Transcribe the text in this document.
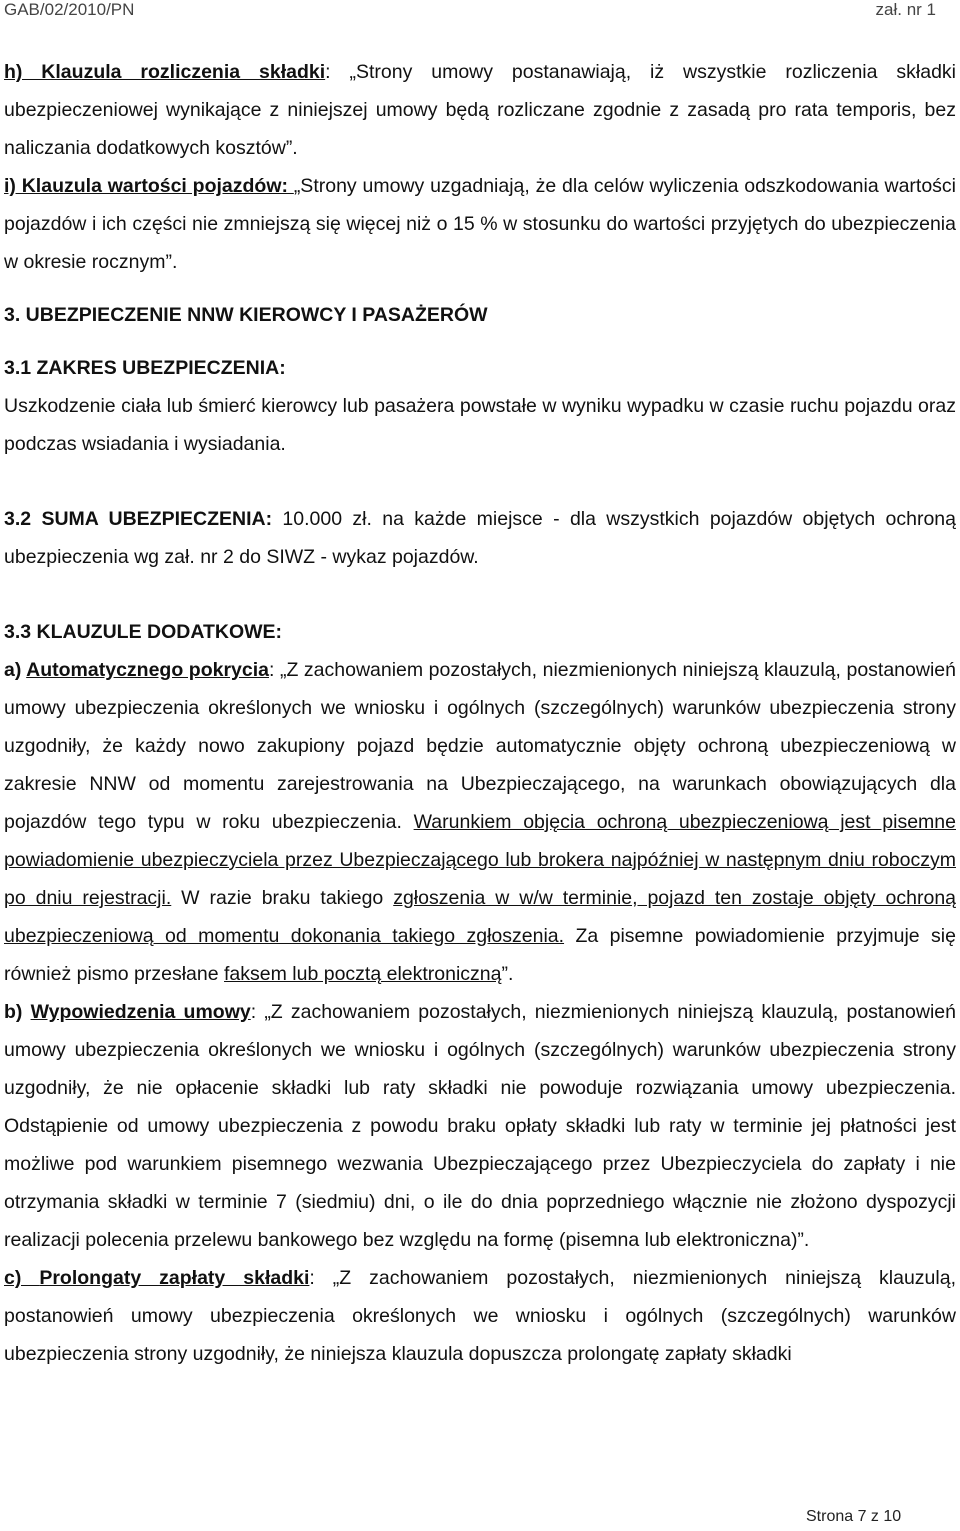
GAB/02/2010/PN	zał. nr 1

h) Klauzula rozliczenia składki: „Strony umowy postanawiają, iż wszystkie rozliczenia składki ubezpieczeniowej wynikające z niniejszej umowy będą rozliczane zgodnie z zasadą pro rata temporis, bez naliczania dodatkowych kosztów”.

i) Klauzula wartości pojazdów: „Strony umowy uzgadniają, że dla celów wyliczenia odszkodowania wartości pojazdów i ich części nie zmniejszą się więcej niż o 15 % w stosunku do wartości przyjętych do ubezpieczenia w okresie rocznym”.

3. UBEZPIECZENIE NNW KIEROWCY I PASAŻERÓW

3.1 ZAKRES UBEZPIECZENIA:

Uszkodzenie ciała lub śmierć kierowcy lub pasażera powstałe w wyniku wypadku w czasie ruchu pojazdu oraz podczas wsiadania i wysiadania.

3.2 SUMA UBEZPIECZENIA: 10.000 zł. na każde miejsce - dla wszystkich pojazdów objętych ochroną ubezpieczenia wg zał. nr 2 do SIWZ - wykaz pojazdów.

3.3 KLAUZULE DODATKOWE:

a) Automatycznego pokrycia: „Z zachowaniem pozostałych, niezmienionych niniejszą klauzulą, postanowień umowy ubezpieczenia określonych we wniosku i ogólnych (szczególnych) warunków ubezpieczenia strony uzgodniły, że każdy nowo zakupiony pojazd będzie automatycznie objęty ochroną ubezpieczeniową w zakresie NNW od momentu zarejestrowania na Ubezpieczającego, na warunkach obowiązujących dla pojazdów tego typu w roku ubezpieczenia. Warunkiem objęcia ochroną ubezpieczeniową jest pisemne powiadomienie ubezpieczyciela przez Ubezpieczającego lub brokera najpóźniej w następnym dniu roboczym po dniu rejestracji. W razie braku takiego zgłoszenia w w/w terminie, pojazd ten zostaje objęty ochroną ubezpieczeniową od momentu dokonania takiego zgłoszenia. Za pisemne powiadomienie przyjmuje się również pismo przesłane faksem lub pocztą elektroniczną”.

b) Wypowiedzenia umowy: „Z zachowaniem pozostałych, niezmienionych niniejszą klauzulą, postanowień umowy ubezpieczenia określonych we wniosku i ogólnych (szczególnych) warunków ubezpieczenia strony uzgodniły, że nie opłacenie składki lub raty składki nie powoduje rozwiązania umowy ubezpieczenia. Odstąpienie od umowy ubezpieczenia z powodu braku opłaty składki lub raty w terminie jej płatności jest możliwe pod warunkiem pisemnego wezwania Ubezpieczającego przez Ubezpieczyciela do zapłaty i nie otrzymania składki w terminie 7 (siedmiu) dni, o ile do dnia poprzedniego włącznie nie złożono dyspozycji realizacji polecenia przelewu bankowego bez względu na formę (pisemna lub elektroniczna)”.

c) Prolongaty zapłaty składki: „Z zachowaniem pozostałych, niezmienionych niniejszą klauzulą, postanowień umowy ubezpieczenia określonych we wniosku i ogólnych (szczególnych) warunków ubezpieczenia strony uzgodniły, że niniejsza klauzula dopuszcza prolongatę zapłaty składki

Strona 7 z 10
